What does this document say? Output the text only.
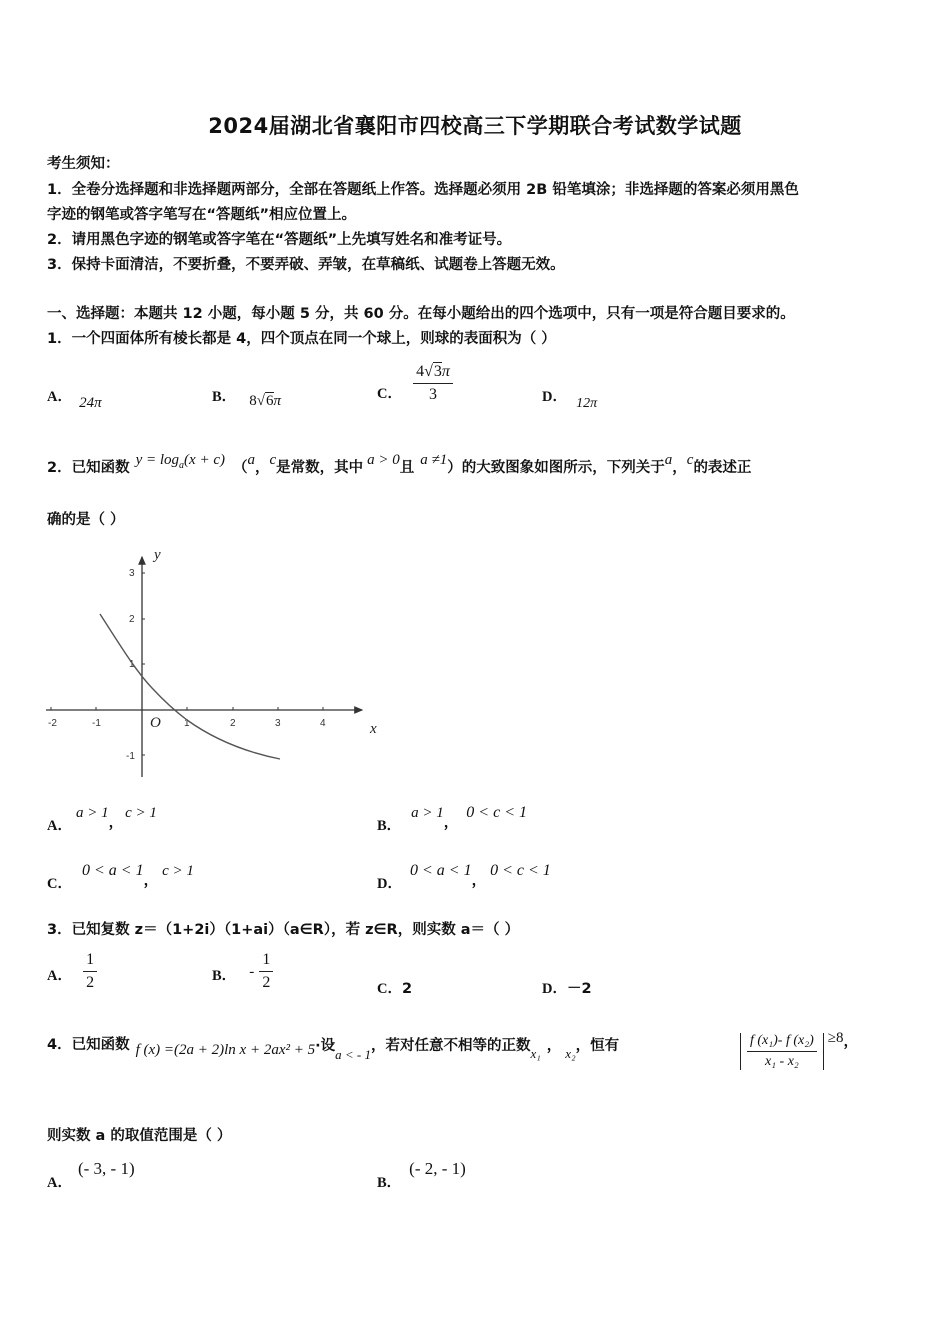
2024届湖北省襄阳市四校高三下学期联合考试数学试题
考生须知：
1．全卷分选择题和非选择题两部分，全部在答题纸上作答。选择题必须用 2B 铅笔填涂；非选择题的答案必须用黑色
字迹的钢笔或答字笔写在“答题纸”相应位置上。
2．请用黑色字迹的钢笔或答字笔在“答题纸”上先填写姓名和准考证号。
3．保持卡面清洁，不要折叠，不要弄破、弄皱，在草稿纸、试题卷上答题无效。
一、选择题：本题共 12 小题，每小题 5 分，共 60 分。在每小题给出的四个选项中，只有一项是符合题目要求的。
1．一个四面体所有棱长都是 4，四个顶点在同一个球上，则球的表面积为（ ）
A． 24π	B． 8√6π	C． $\frac{4√3\pi}{3}$	D． 12π
2．已知函数 $y = \log_a(x + c)$ （a，c是常数，其中 a > 0且 a ≠1）的大致图象如图所示，下列关于a，c的表述正
确的是（ ）
-2	-1	1	2	3	4
3
2
1
-1
O
y
x
A．a > 1，c > 1
B．a > 1，0 < c < 1
C．0 < a < 1，c > 1
D．0 < a < 1，0 < c < 1
3．已知复数 z＝（1+2i）（1+ai）（a∈R），若 z∈R，则实数 a＝（ ）
A． $\frac{1}{2}$	B． - $\frac{1}{2}$	C．2	D．－2
4．已知函数 f (x) =(2a + 2)ln x + 2ax² + 5·设$_{a < - 1}$，若对任意不相等的正数$_{x_1}$ ， $_{x_2}$，恒有	$\frac{\text{f (x₁)- f (x₂)}}{\text{x₁ - x₂}} \ge 8$，
则实数 a 的取值范围是（ ）
A．(- 3, - 1)
B．(- 2, - 1)
